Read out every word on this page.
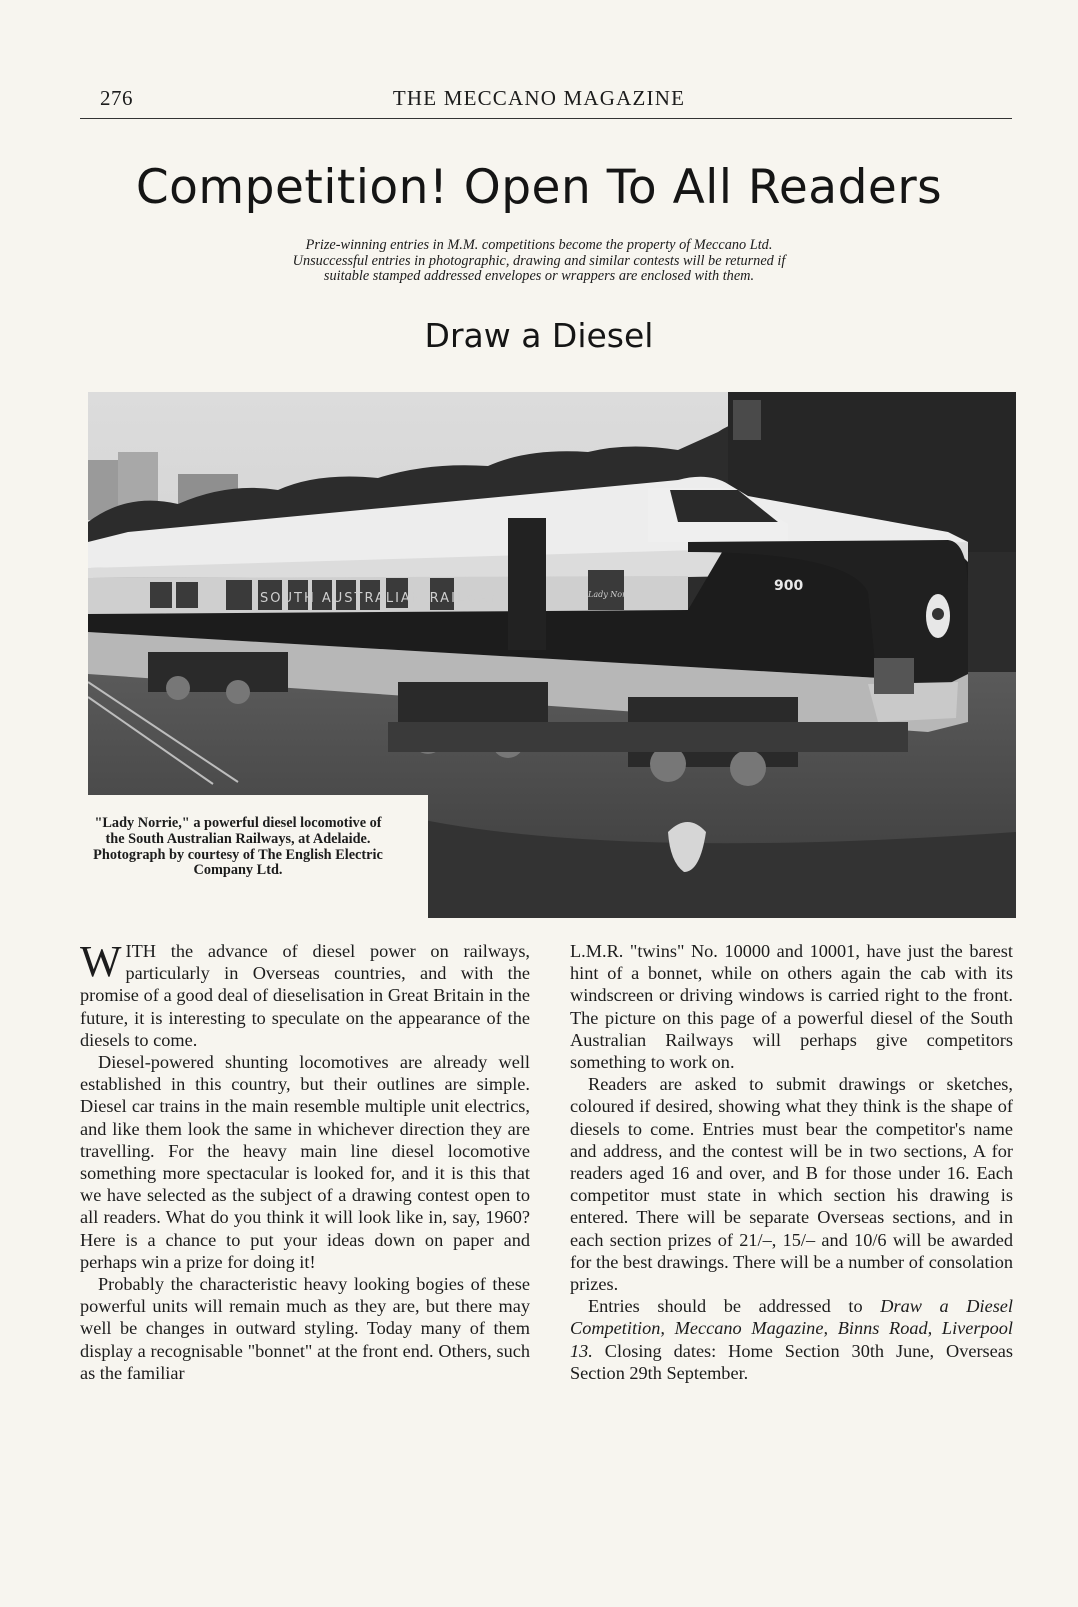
276	THE MECCANO MAGAZINE
Competition! Open To All Readers
Prize-winning entries in M.M. competitions become the property of Meccano Ltd.
Unsuccessful entries in photographic, drawing and similar contests will be returned if
suitable stamped addressed envelopes or wrappers are enclosed with them.
Draw a Diesel
SOUTH AUSTRALIAN RAILWAYS	Lady Norrie
900
"Lady Norrie," a powerful diesel locomotive of the South Australian Railways, at Adelaide. Photograph by courtesy of The English Electric Company Ltd.

WITH the advance of diesel power on railways, particularly in Overseas countries, and with the promise of a good deal of dieselisation in Great Britain in the future, it is interesting to speculate on the appearance of the diesels to come.

Diesel-powered shunting locomotives are already well established in this country, but their outlines are simple. Diesel car trains in the main resemble multiple unit electrics, and like them look the same in whichever direction they are travelling. For the heavy main line diesel locomotive something more spectacular is looked for, and it is this that we have selected as the subject of a drawing contest open to all readers. What do you think it will look like in, say, 1960? Here is a chance to put your ideas down on paper and perhaps win a prize for doing it!

Probably the characteristic heavy looking bogies of these powerful units will remain much as they are, but there may well be changes in outward styling. Today many of them display a recognisable "bonnet" at the front end. Others, such as the familiar

L.M.R. "twins" No. 10000 and 10001, have just the barest hint of a bonnet, while on others again the cab with its windscreen or driving windows is carried right to the front. The picture on this page of a powerful diesel of the South Australian Railways will perhaps give competitors something to work on.

Readers are asked to submit drawings or sketches, coloured if desired, showing what they think is the shape of diesels to come. Entries must bear the competitor's name and address, and the contest will be in two sections, A for readers aged 16 and over, and B for those under 16. Each competitor must state in which section his drawing is entered. There will be separate Overseas sections, and in each section prizes of 21/–, 15/– and 10/6 will be awarded for the best drawings. There will be a number of consolation prizes.

Entries should be addressed to Draw a Diesel Competition, Meccano Magazine, Binns Road, Liverpool 13. Closing dates: Home Section 30th June, Overseas Section 29th September.
